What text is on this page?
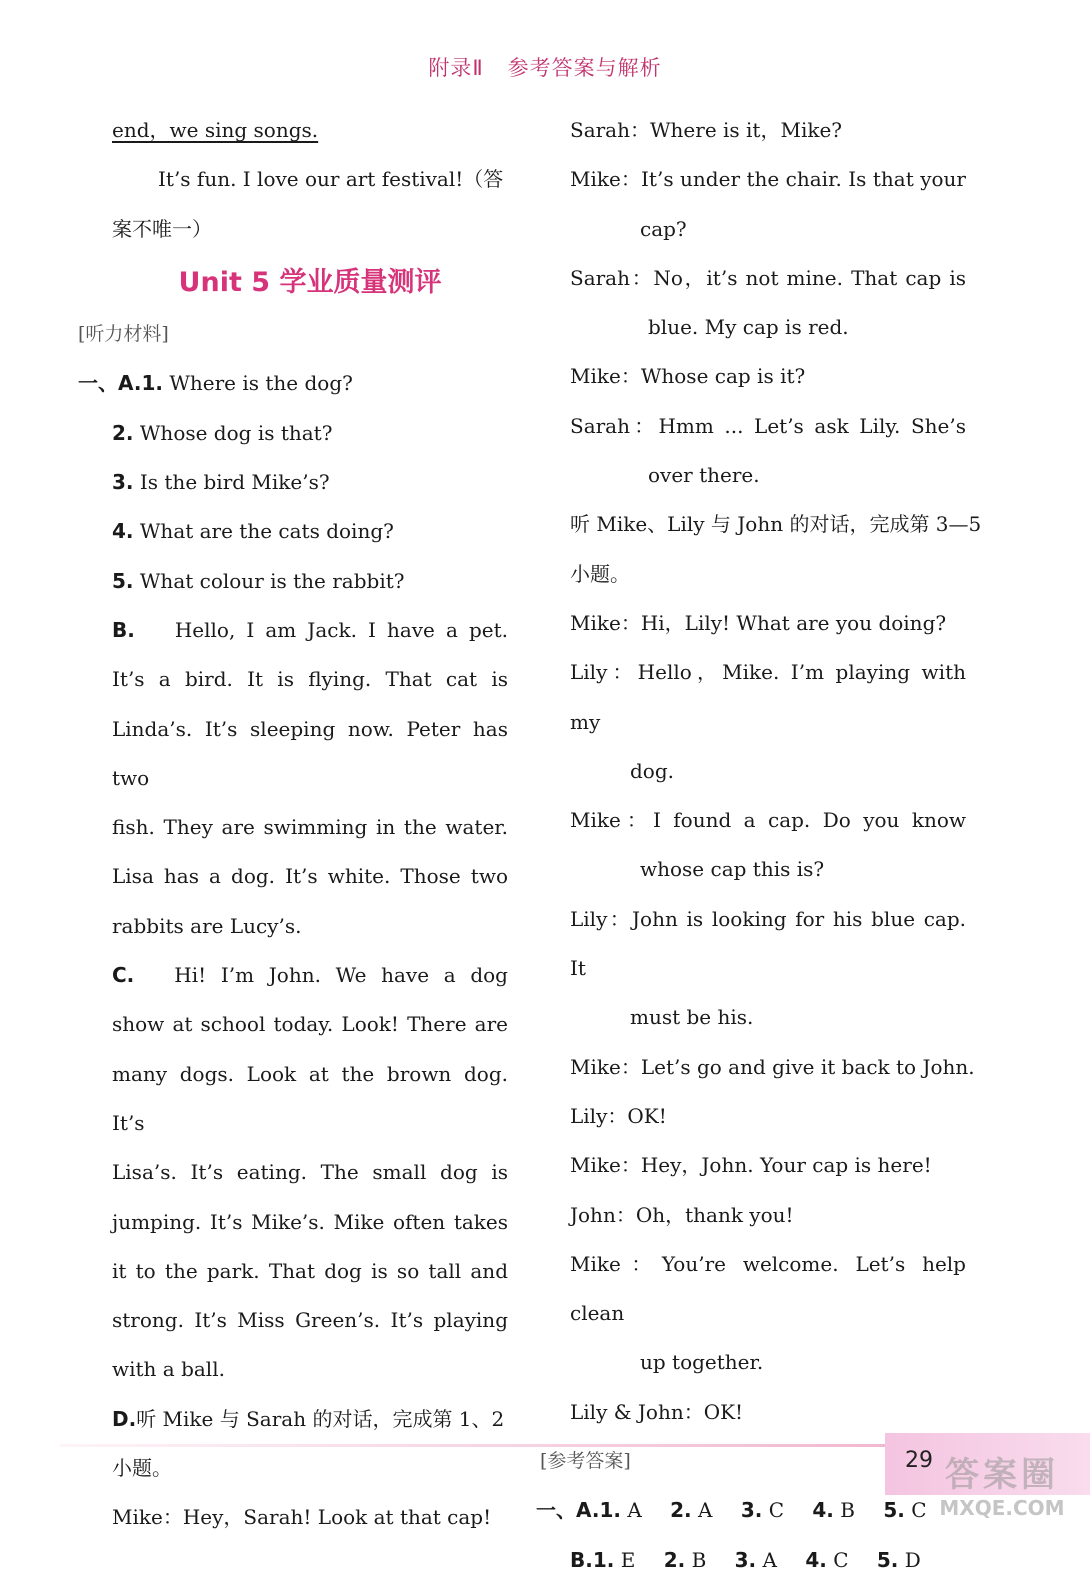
附录Ⅱ 参考答案与解析
end，we sing songs.
It’s fun. I love our art festival!（答
案不唯一）
Unit 5 学业质量测评
[听力材料]
一、A.1. Where is the dog?
2. Whose dog is that?
3. Is the bird Mike’s?
4. What are the cats doing?
5. What colour is the rabbit?
B. Hello, I am Jack. I have a pet.
It’s a bird. It is flying. That cat is
Linda’s. It’s sleeping now. Peter has two
fish. They are swimming in the water.
Lisa has a dog. It’s white. Those two
rabbits are Lucy’s.
C. Hi! I’m John. We have a dog
show at school today. Look! There are
many dogs. Look at the brown dog. It’s
Lisa’s. It’s eating. The small dog is
jumping. It’s Mike’s. Mike often takes
it to the park. That dog is so tall and
strong. It’s Miss Green’s. It’s playing
with a ball.
D.听 Mike 与 Sarah 的对话，完成第 1、2
小题。
Mike：Hey，Sarah! Look at that cap!
Sarah：Where is it，Mike?
Mike：It’s under the chair. Is that your
cap?
Sarah：No，it’s not mine. That cap is
blue. My cap is red.
Mike：Whose cap is it?
Sarah：Hmm ... Let’s ask Lily. She’s
over there.
听 Mike、Lily 与 John 的对话，完成第 3—5
小题。
Mike：Hi，Lily! What are you doing?
Lily：Hello，Mike. I’m playing with my
dog.
Mike：I found a cap. Do you know
whose cap this is?
Lily：John is looking for his blue cap. It
must be his.
Mike：Let’s go and give it back to John.
Lily：OK!
Mike：Hey，John. Your cap is here!
John：Oh，thank you!
Mike：You’re welcome. Let’s help clean
up together.
Lily & John：OK!
[参考答案]
一、A.1. A 2. A 3. C 4. B 5. C
B.1. E 2. B 3. A 4. C 5. D
29 答案圈
MXQE.COM
